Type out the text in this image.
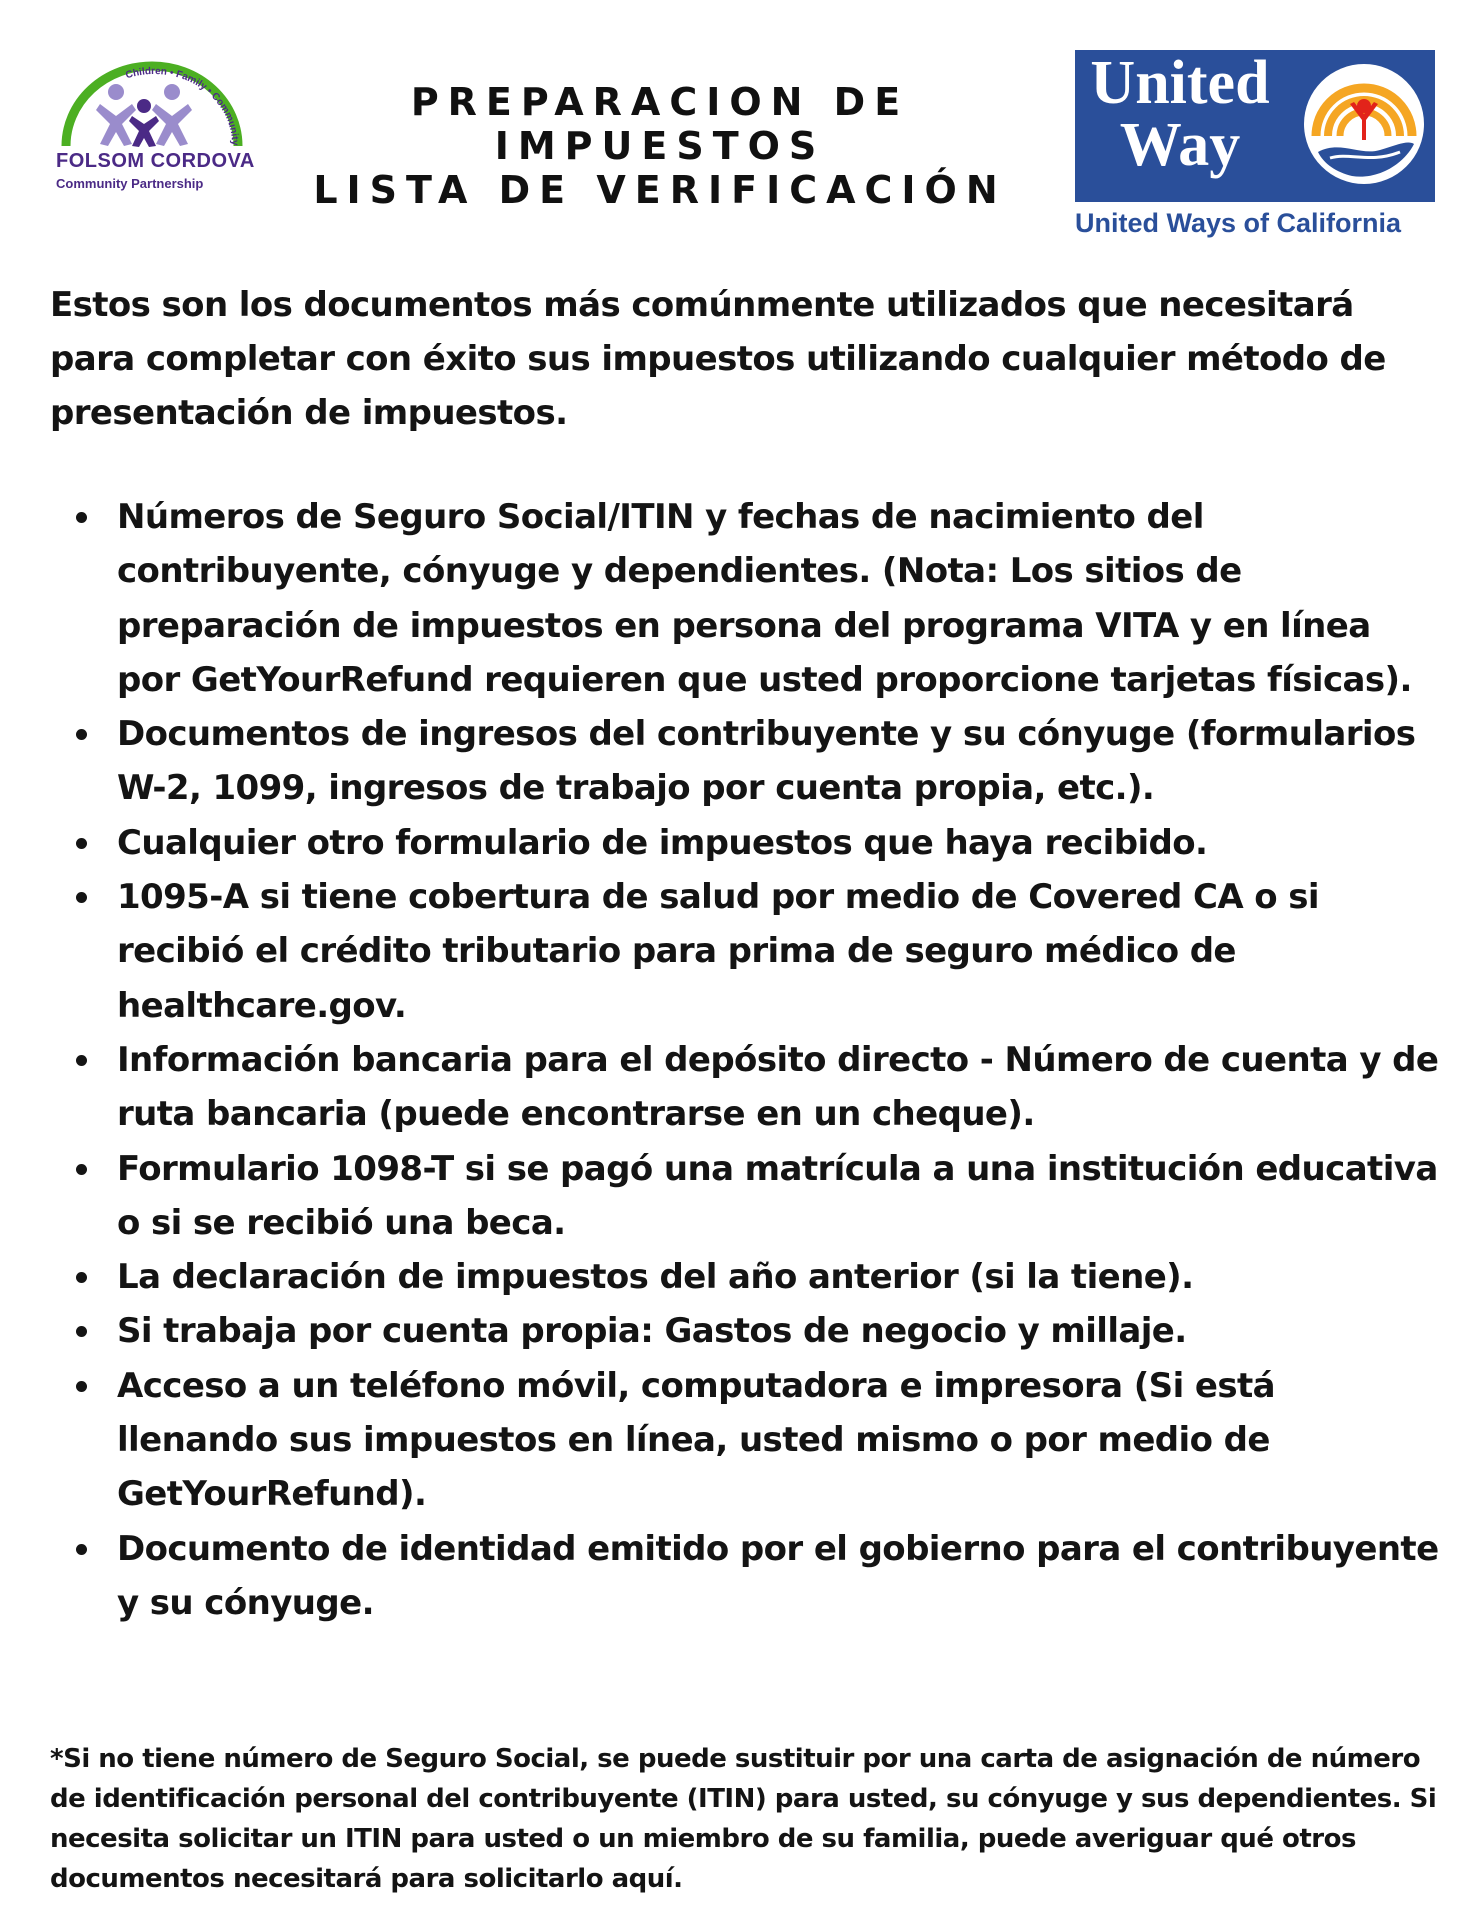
Children • Family • Community
FOLSOM CORDOVA
Community Partnership
PREPARACION DE IMPUESTOS
LISTA DE VERIFICACIÓN
United
Way
United Ways of California

Estos son los documentos más comúnmente utilizados que necesitará para completar con éxito sus impuestos utilizando cualquier método de presentación de impuestos.

Números de Seguro Social/ITIN y fechas de nacimiento del contribuyente, cónyuge y dependientes. (Nota: Los sitios de preparación de impuestos en persona del programa VITA y en línea por GetYourRefund requieren que usted proporcione tarjetas físicas).
Documentos de ingresos del contribuyente y su cónyuge (formularios W-2, 1099, ingresos de trabajo por cuenta propia, etc.).
Cualquier otro formulario de impuestos que haya recibido.
1095-A si tiene cobertura de salud por medio de Covered CA o si recibió el crédito tributario para prima de seguro médico de healthcare.gov.
Información bancaria para el depósito directo - Número de cuenta y de ruta bancaria (puede encontrarse en un cheque).
Formulario 1098-T si se pagó una matrícula a una institución educativa o si se recibió una beca.
La declaración de impuestos del año anterior (si la tiene).
Si trabaja por cuenta propia: Gastos de negocio y millaje.
Acceso a un teléfono móvil, computadora e impresora (Si está llenando sus impuestos en línea, usted mismo o por medio de GetYourRefund).
Documento de identidad emitido por el gobierno para el contribuyente y su cónyuge.

*Si no tiene número de Seguro Social, se puede sustituir por una carta de asignación de número de identificación personal del contribuyente (ITIN) para usted, su cónyuge y sus dependientes. Si necesita solicitar un ITIN para usted o un miembro de su familia, puede averiguar qué otros documentos necesitará para solicitarlo aquí.
